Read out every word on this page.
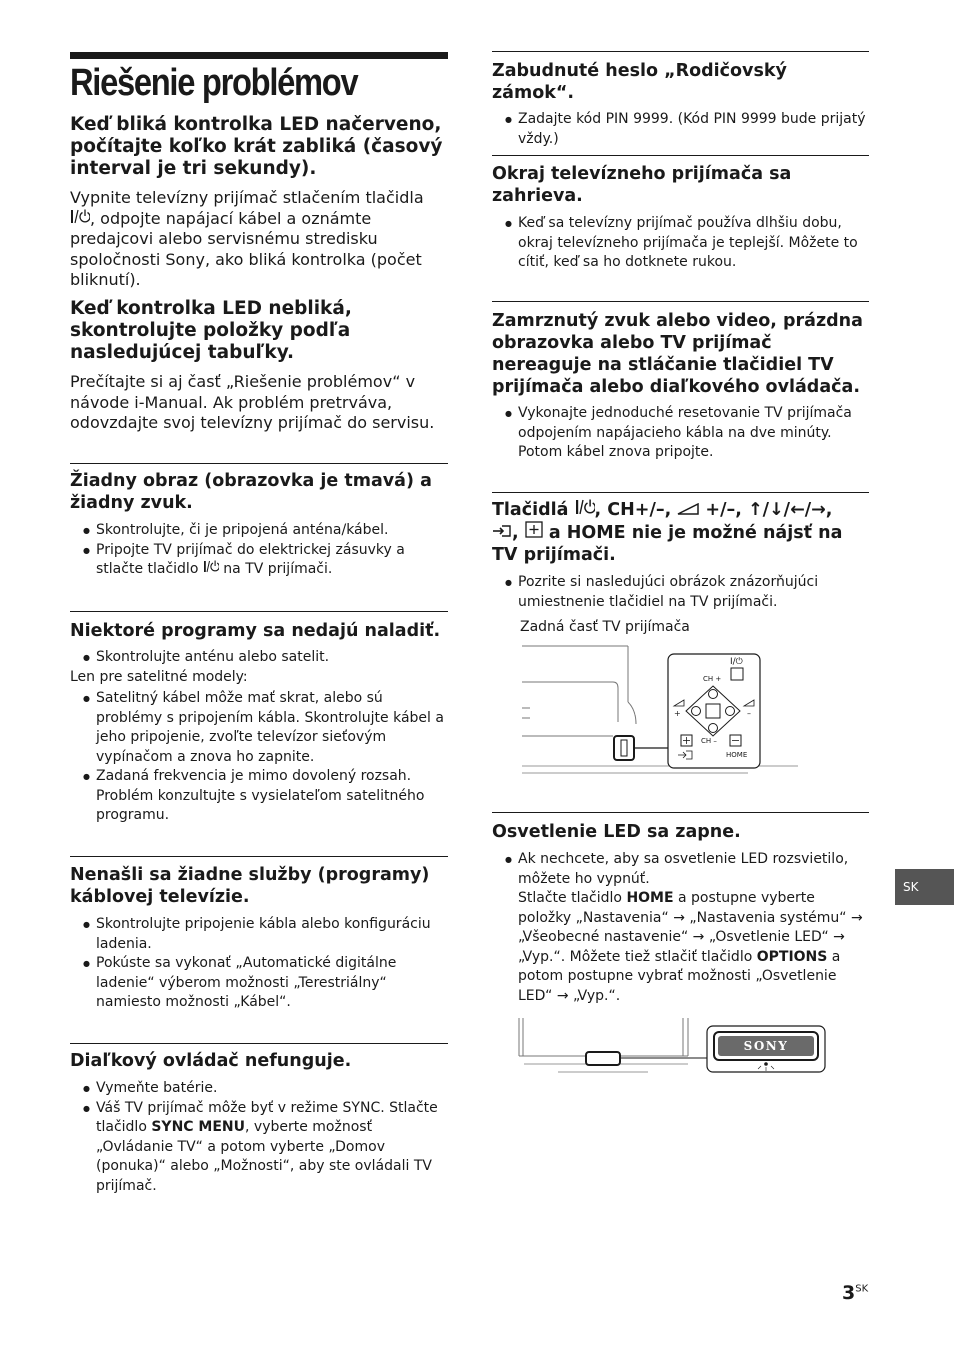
Riešenie problémov
Keď bliká kontrolka LED načerveno, počítajte koľko krát zabliká (časový interval je tri sekundy).

Vypnite televízny prijímač stlačením tlačidla , odpojte napájací kábel a oznámte predajcovi alebo servisnému stredisku spoločnosti Sony, ako bliká kontrolka (počet bliknutí).

Keď kontrolka LED nebliká, skontrolujte položky podľa nasledujúcej tabuľky.

Prečítajte si aj časť „Riešenie problémov“ v návode i-Manual. Ak problém pretrváva, odovzdajte svoj televízny prijímač do servisu.

Žiadny obraz (obrazovka je tmavá) a žiadny zvuk.
● Skontrolujte, či je pripojená anténa/kábel.
● Pripojte TV prijímač do elektrickej zásuvky a stlačte tlačidlo  na TV prijímači.
Niektoré programy sa nedajú naladiť.
● Skontrolujte anténu alebo satelit.
Len pre satelitné modely:
● Satelitný kábel môže mať skrat, alebo sú problémy s pripojením kábla. Skontrolujte kábel a jeho pripojenie, zvoľte televízor sieťovým vypínačom a znova ho zapnite.
● Zadaná frekvencia je mimo dovolený rozsah. Problém konzultujte s vysielateľom satelitného programu.
Nenašli sa žiadne služby (programy) káblovej televízie.
● Skontrolujte pripojenie kábla alebo konfiguráciu ladenia.
● Pokúste sa vykonať „Automatické digitálne ladenie“ výberom možnosti „Terestriálny“ namiesto možnosti „Kábel“.
Diaľkový ovládač nefunguje.
● Vymeňte batérie.
● Váš TV prijímač môže byť v režime SYNC. Stlačte tlačidlo SYNC MENU, vyberte možnosť „Ovládanie TV“ a potom vyberte „Domov (ponuka)“ alebo „Možnosti“, aby ste ovládali TV prijímač.
Zabudnuté heslo „Rodičovský zámok“.
● Zadajte kód PIN 9999. (Kód PIN 9999 bude prijatý vždy.)
Okraj televízneho prijímača sa zahrieva.
● Keď sa televízny prijímač používa dlhšiu dobu, okraj televízneho prijímača je teplejší. Môžete to cítiť, keď sa ho dotknete rukou.
Zamrznutý zvuk alebo video, prázdna obrazovka alebo TV prijímač nereaguje na stláčanie tlačidiel TV prijímača alebo diaľkového ovládača.
● Vykonajte jednoduché resetovanie TV prijímača odpojením napájacieho kábla na dve minúty. Potom kábel znova pripojte.
Tlačidlá , CH+/–,  +/–, ↑/↓/←/→,
,  a HOME nie je možné nájsť na TV prijímači.
● Pozrite si nasledujúci obrázok znázorňujúci umiestnenie tlačidiel na TV prijímači.
Zadná časť TV prijímača
I/⏻
CH +
+	–
CH –
HOME
Osvetlenie LED sa zapne.
● Ak nechcete, aby sa osvetlenie LED rozsvietilo, môžete ho vypnúť.
Stlačte tlačidlo HOME a postupne vyberte položky „Nastavenia“ → „Nastavenia systému“ → „Všeobecné nastavenie“ → „Osvetlenie LED“ → „Vyp.“. Môžete tiež stlačiť tlačidlo OPTIONS a potom postupne vybrať možnosti „Osvetlenie LED“ → „Vyp.“.
SONY
SK
$3^{SK}$
